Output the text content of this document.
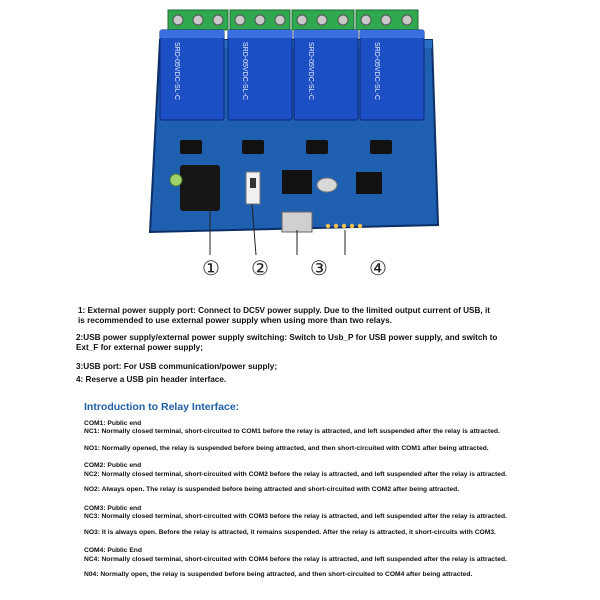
SRD-05VDC-SL-C	SRD-05VDC-SL-C	SRD-05VDC-SL-C	SRD-05VDC-SL-C
① ② ③ ④
1: External power supply port: Connect to DC5V power supply. Due to the limited output current of USB, it
is recommended to use external power supply when using more than two relays.
2:USB power supply/external power supply switching: Switch to Usb_P for USB power supply, and switch to
Ext_F for external power supply;
3:USB port: For USB communication/power supply;
4: Reserve a USB pin header interface.
Introduction to Relay Interface:
COM1: Public end
NC1: Normally closed terminal, short-circuited to COM1 before the relay is attracted, and left suspended after the relay is attracted.
NO1: Normally opened, the relay is suspended before being attracted, and then short-circuited with COM1 after being attracted.
COM2: Public end
NC2: Normally closed terminal, short-circuited with COM2 before the relay is attracted, and left suspended after the relay is attracted.
NO2: Always open. The relay is suspended before being attracted and short-circuited with COM2 after being attracted.
COM3: Public end
NC3: Normally closed terminal, short-circuited with COM3 before the relay is attracted, and left suspended after the relay is attracted.
NO3: It is always open. Before the relay is attracted, it remains suspended. After the relay is attracted, it short-circuits with COM3.
COM4: Public End
NC4: Normally closed terminal, short-circuited with COM4 before the relay is attracted, and left suspended after the relay is attracted.
N04: Normally open, the relay is suspended before being attracted, and then short-circuited to COM4 after being attracted.
